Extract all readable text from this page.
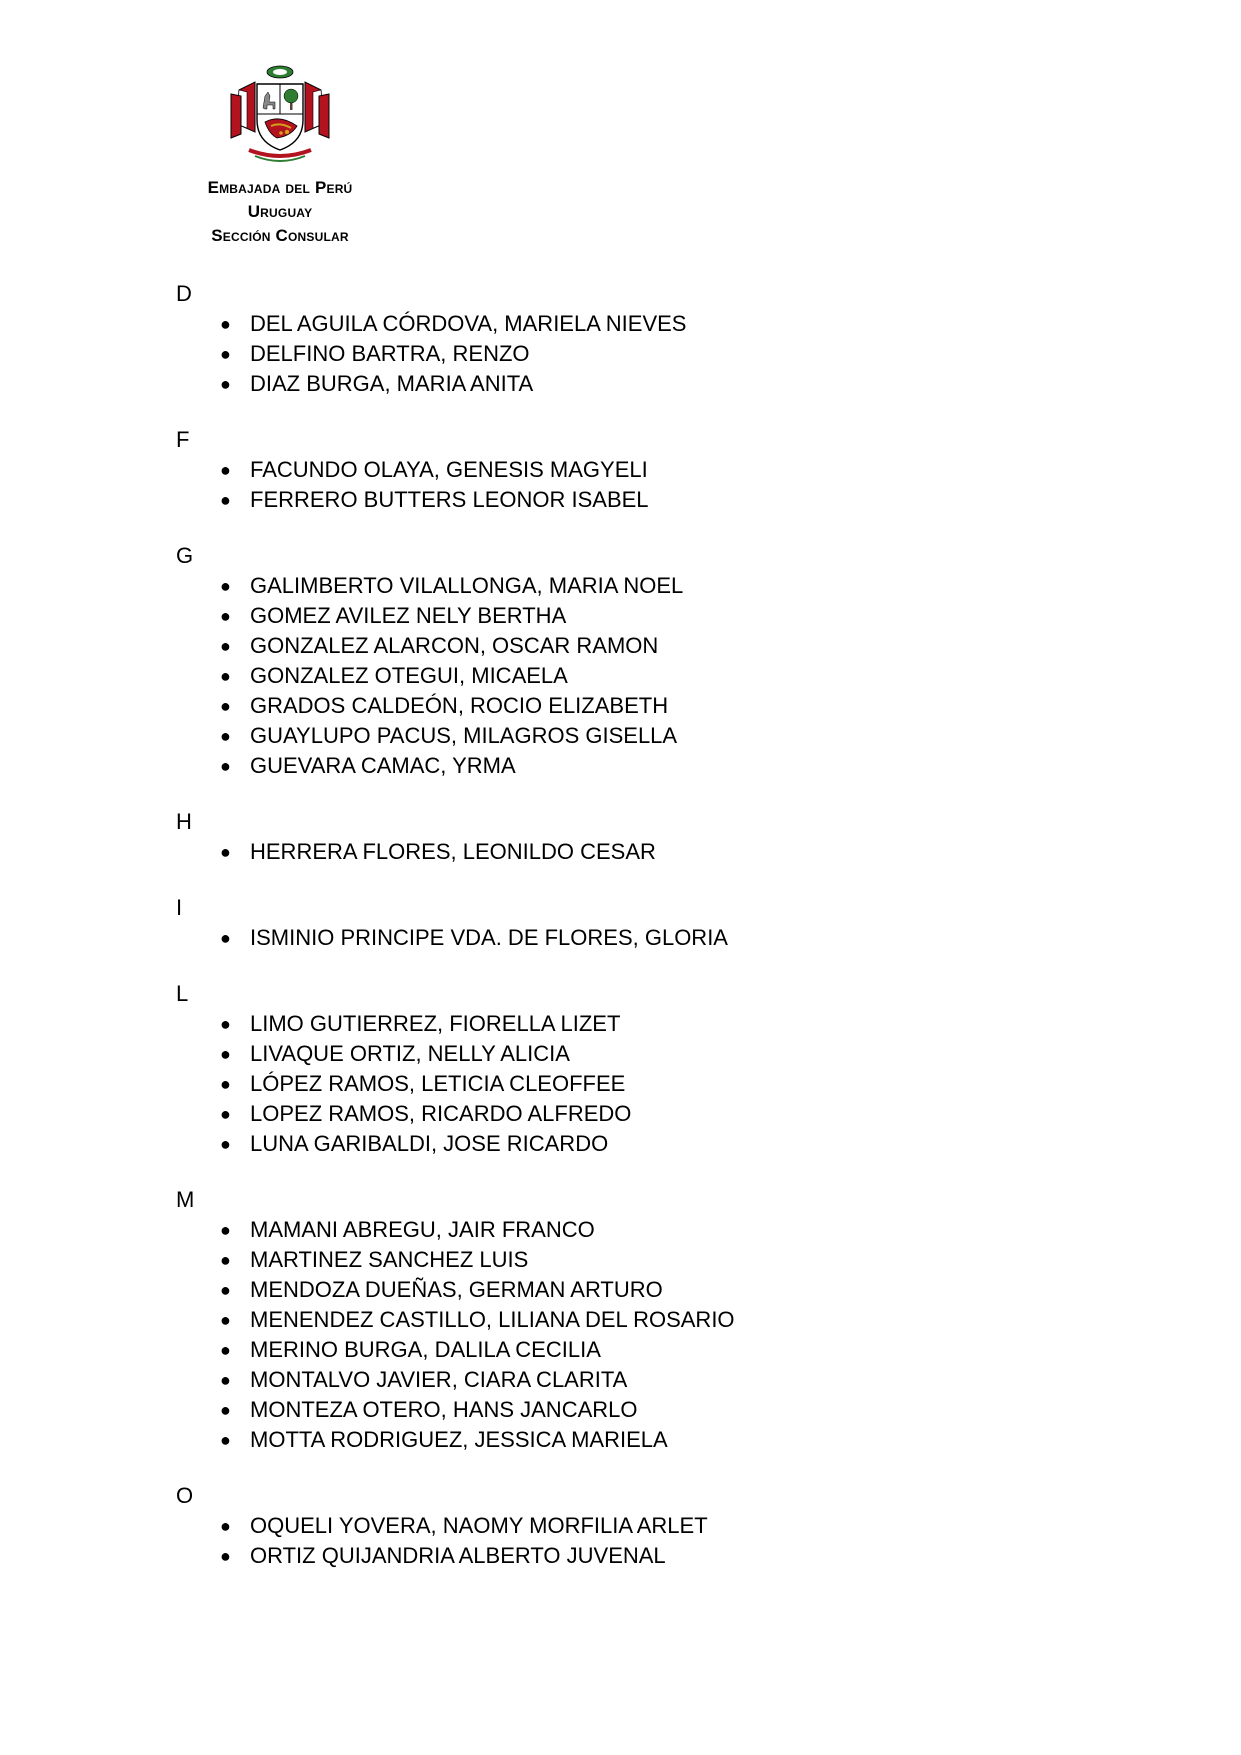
Embajada del Perú
Uruguay
Sección Consular
D
● DEL AGUILA CÓRDOVA, MARIELA NIEVES
● DELFINO BARTRA, RENZO
● DIAZ BURGA, MARIA ANITA
F
● FACUNDO OLAYA, GENESIS MAGYELI
● FERRERO BUTTERS LEONOR ISABEL
G
● GALIMBERTO VILALLONGA, MARIA NOEL
● GOMEZ AVILEZ NELY BERTHA
● GONZALEZ ALARCON, OSCAR RAMON
● GONZALEZ OTEGUI, MICAELA
● GRADOS CALDEÓN, ROCIO ELIZABETH
● GUAYLUPO PACUS, MILAGROS GISELLA
● GUEVARA CAMAC, YRMA
H
● HERRERA FLORES, LEONILDO CESAR
I
● ISMINIO PRINCIPE VDA. DE FLORES, GLORIA
L
● LIMO GUTIERREZ, FIORELLA LIZET
● LIVAQUE ORTIZ, NELLY ALICIA
● LÓPEZ RAMOS, LETICIA CLEOFFEE
● LOPEZ RAMOS, RICARDO ALFREDO
● LUNA GARIBALDI, JOSE RICARDO
M
● MAMANI ABREGU, JAIR FRANCO
● MARTINEZ SANCHEZ LUIS
● MENDOZA DUEÑAS, GERMAN ARTURO
● MENENDEZ CASTILLO, LILIANA DEL ROSARIO
● MERINO BURGA, DALILA CECILIA
● MONTALVO JAVIER, CIARA CLARITA
● MONTEZA OTERO, HANS JANCARLO
● MOTTA RODRIGUEZ, JESSICA MARIELA
O
● OQUELI YOVERA, NAOMY MORFILIA ARLET
● ORTIZ QUIJANDRIA ALBERTO JUVENAL
